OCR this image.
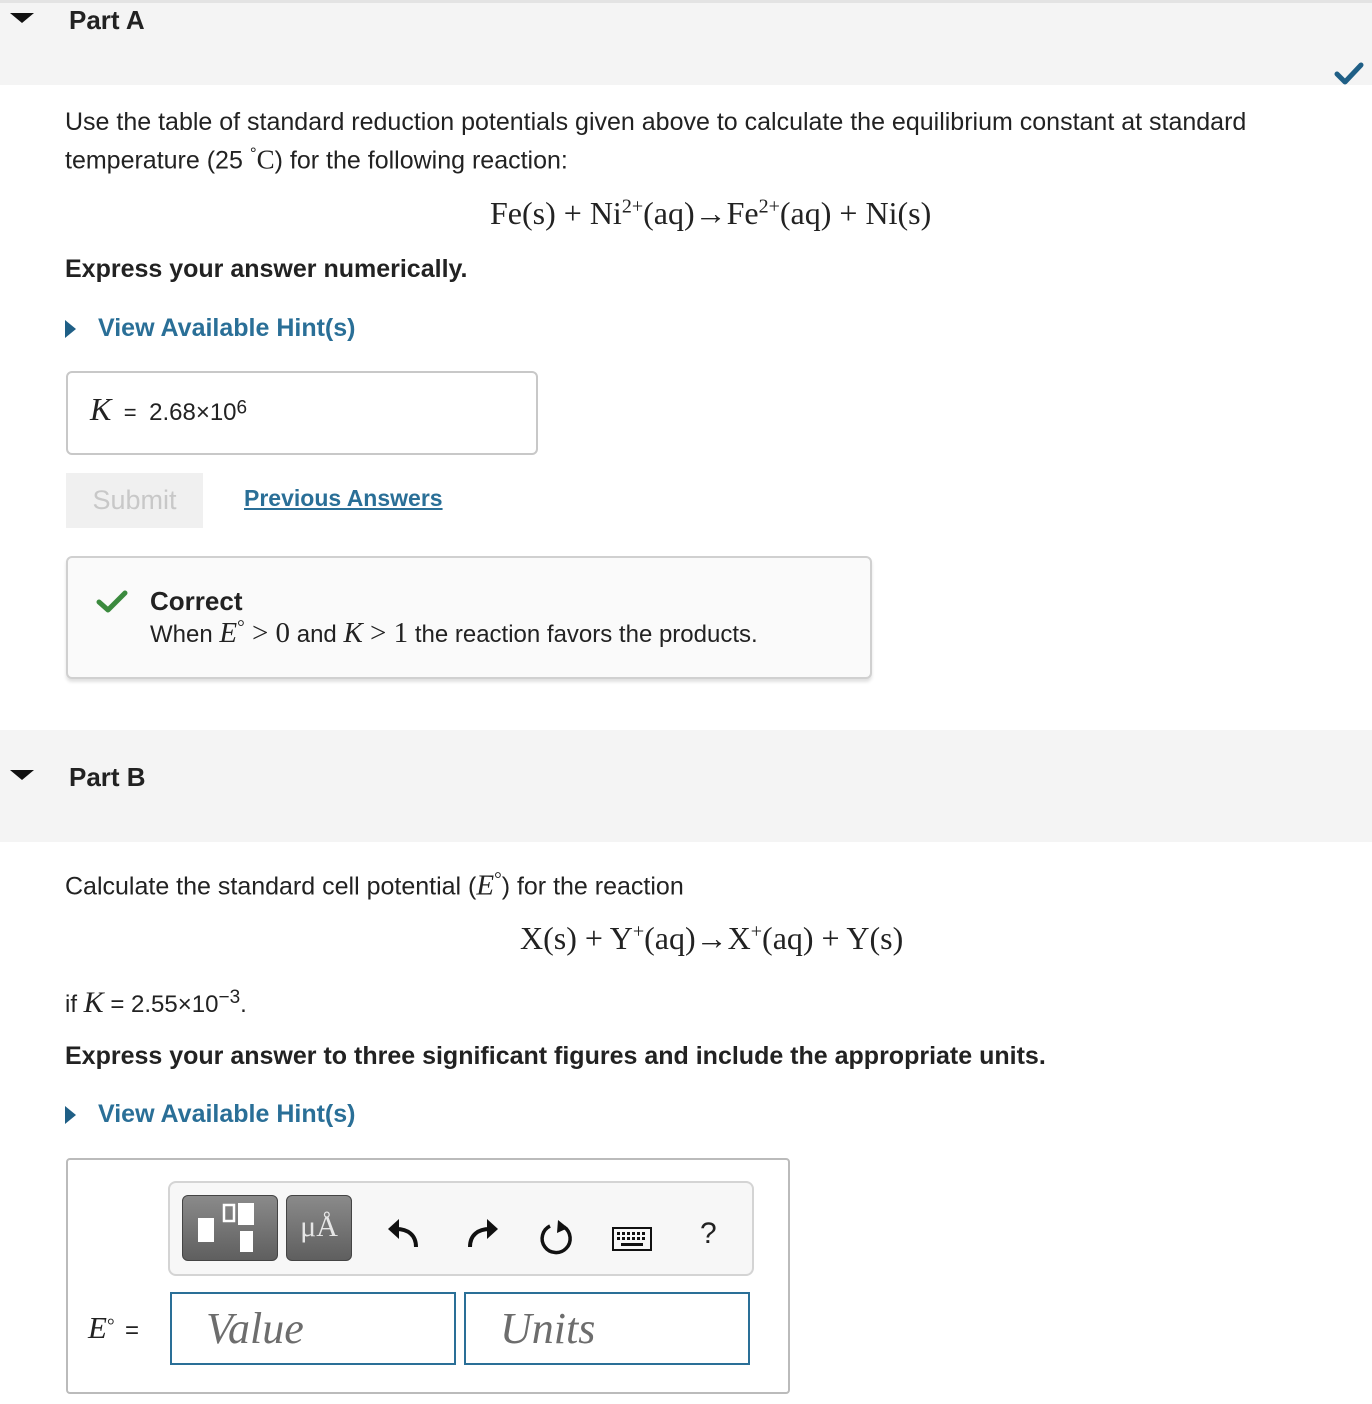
Part A
Use the table of standard reduction potentials given above to calculate the equilibrium constant at standard
temperature (25 °C) for the following reaction:
$Fe(s) + Ni^{2+}(aq)\to Fe^{2+}(aq) + Ni(s)$
Express your answer numerically.
View Available Hint(s)
$K = 2.68\times 10^6$
Submit	Previous Answers
Correct
When E° > 0 and K > 1 the reaction favors the products.
Part B
Calculate the standard cell potential (E°) for the reaction
X(s) + Y+(aq)→X+(aq) + Y(s)
if $K = 2.55\times 10^{-3}$.
Express your answer to three significant figures and include the appropriate units.
View Available Hint(s)
μÅ	?
E° =
Value
Units
